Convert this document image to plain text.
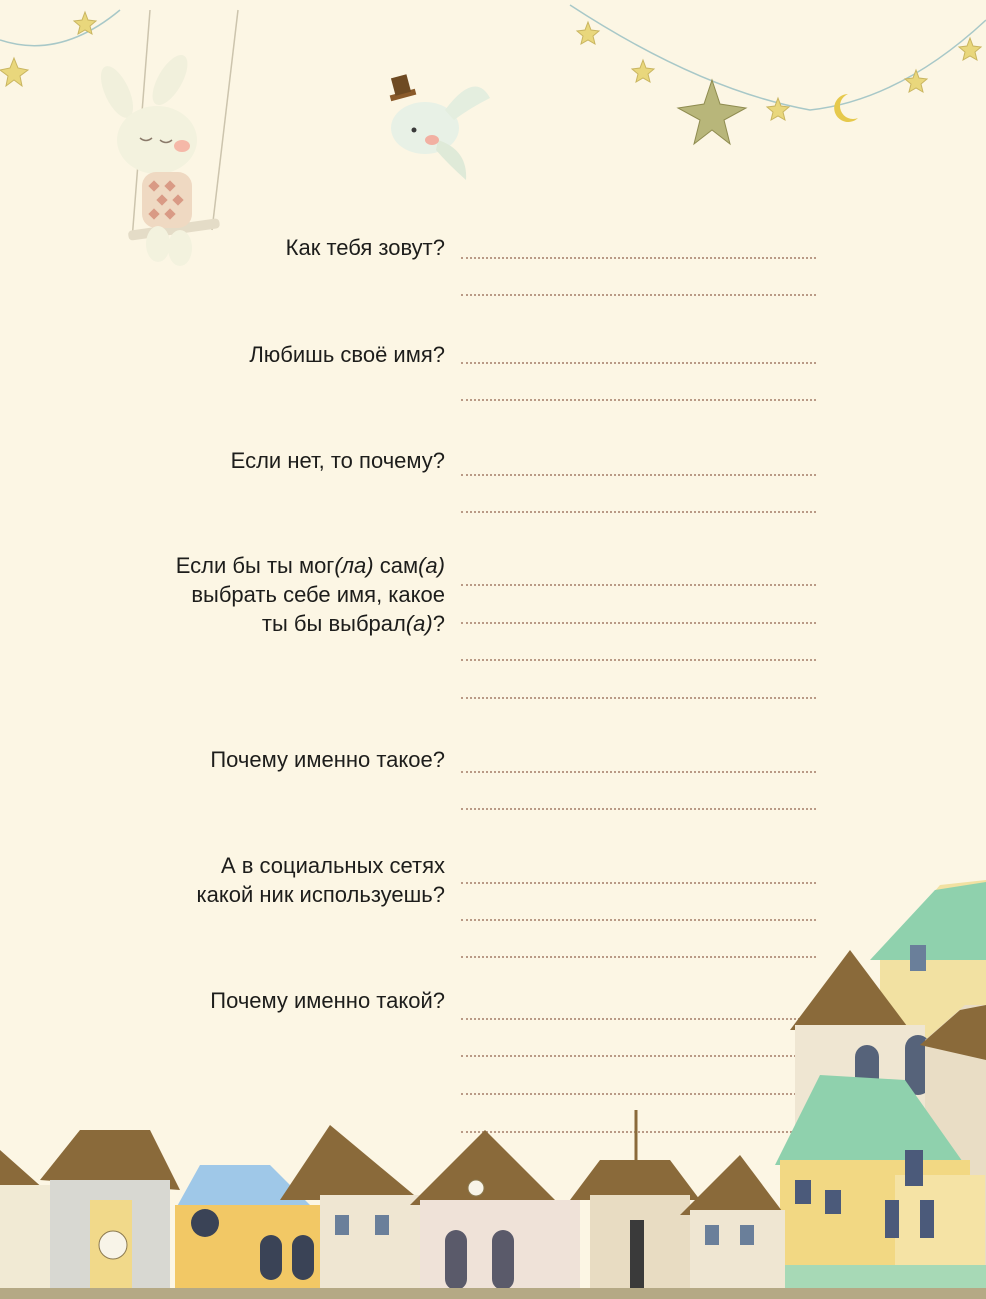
Как тебя зовут?
Любишь своё имя?
Если нет, то почему?
Если бы ты мог(ла) сам(а)
выбрать себе имя, какое
ты бы выбрал(а)?
Почему именно такое?
А в социальных сетях
какой ник используешь?
Почему именно такой?
